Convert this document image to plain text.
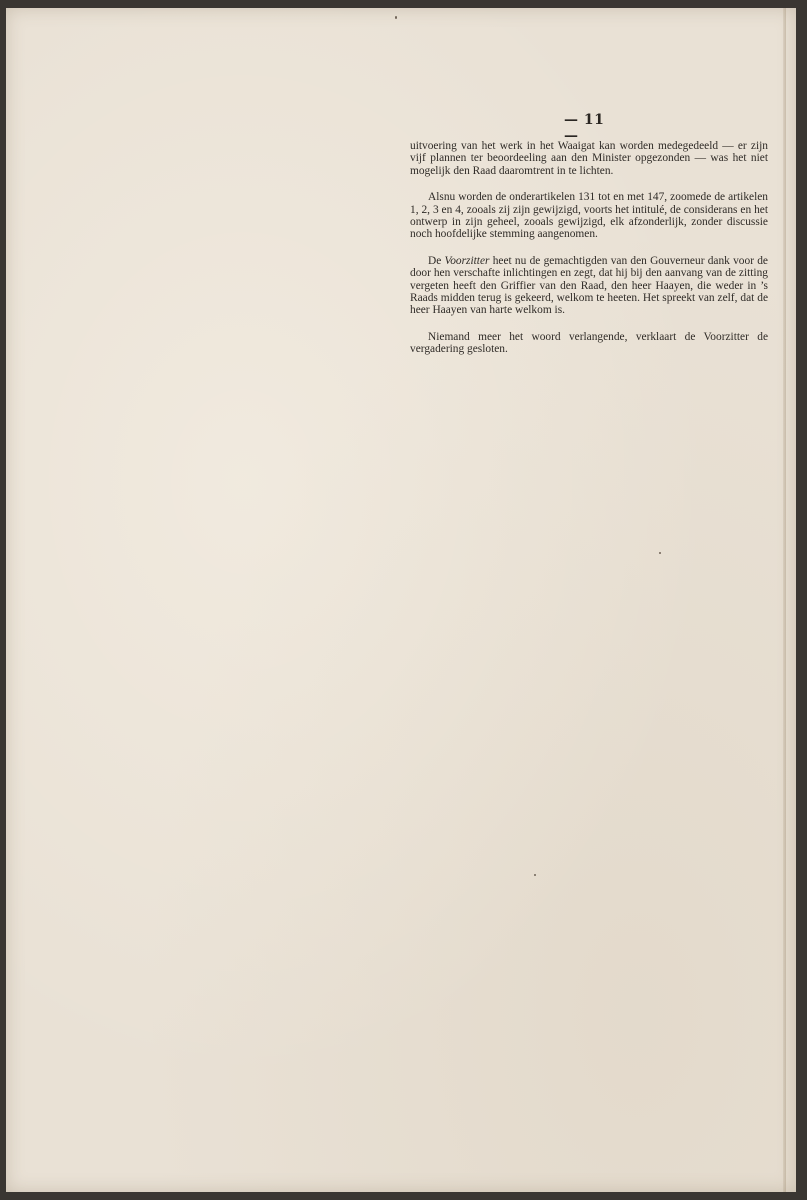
— 11 —

uitvoering van het werk in het Waaigat kan worden medegedeeld — er zijn vijf plannen ter beoordeeling aan den Minister opgezonden — was het niet mogelijk den Raad daaromtrent in te lichten.

Alsnu worden de onderartikelen 131 tot en met 147, zoomede de artikelen 1, 2, 3 en 4, zooals zij zijn gewijzigd, voorts het intitulé, de considerans en het ontwerp in zijn geheel, zooals gewijzigd, elk afzonderlijk, zonder discussie noch hoofdelijke stemming aangenomen.

De Voorzitter heet nu de gemachtigden van den Gouverneur dank voor de door hen verschafte inlichtingen en zegt, dat hij bij den aanvang van de zitting vergeten heeft den Griffier van den Raad, den heer Haayen, die weder in ’s Raads midden terug is gekeerd, welkom te heeten. Het spreekt van zelf, dat de heer Haayen van harte welkom is.

Niemand meer het woord verlangende, verklaart de Voorzitter de vergadering gesloten.
